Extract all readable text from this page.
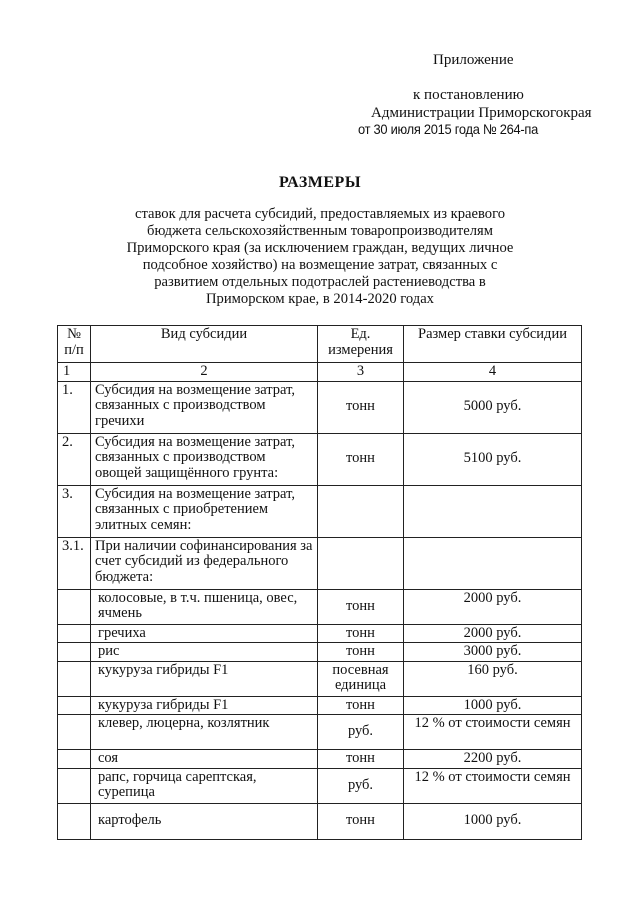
Приложение
к постановлению
Администрации Приморскогокрая
от 30 июля 2015 года № 264-па
РАЗМЕРЫ
ставок для расчета субсидий, предоставляемых из краевого
бюджета сельскохозяйственным товаропроизводителям
Приморского края (за исключением граждан, ведущих личное
подсобное хозяйство) на возмещение затрат, связанных с
развитием отдельных подотраслей растениеводства в
Приморском крае, в 2014-2020 годах
№ п/п	Вид субсидии	Ед. измерения	Размер ставки субсидии
1	2	3	4
1.	Субсидия на возмещение затрат, связанных с производством гречихи	тонн	5000 руб.
2.	Субсидия на возмещение затрат, связанных с производством овощей защищённого грунта:	тонн	5100 руб.
3.	Субсидия на возмещение затрат, связанных с приобретением элитных семян:		
3.1.	При наличии софинансирования за счет субсидий из федерального бюджета:		
	колосовые, в т.ч. пшеница, овес, ячмень	тонн	2000 руб.
	гречиха	тонн	2000 руб.
	рис	тонн	3000 руб.
	кукуруза гибриды F1	посевная единица	160 руб.
	кукуруза гибриды F1	тонн	1000 руб.
	клевер, люцерна, козлятник	руб.	12 % от стоимости семян
	соя	тонн	2200 руб.
	рапс, горчица сарептская, сурепица	руб.	12 % от стоимости семян
	картофель	тонн	1000 руб.
